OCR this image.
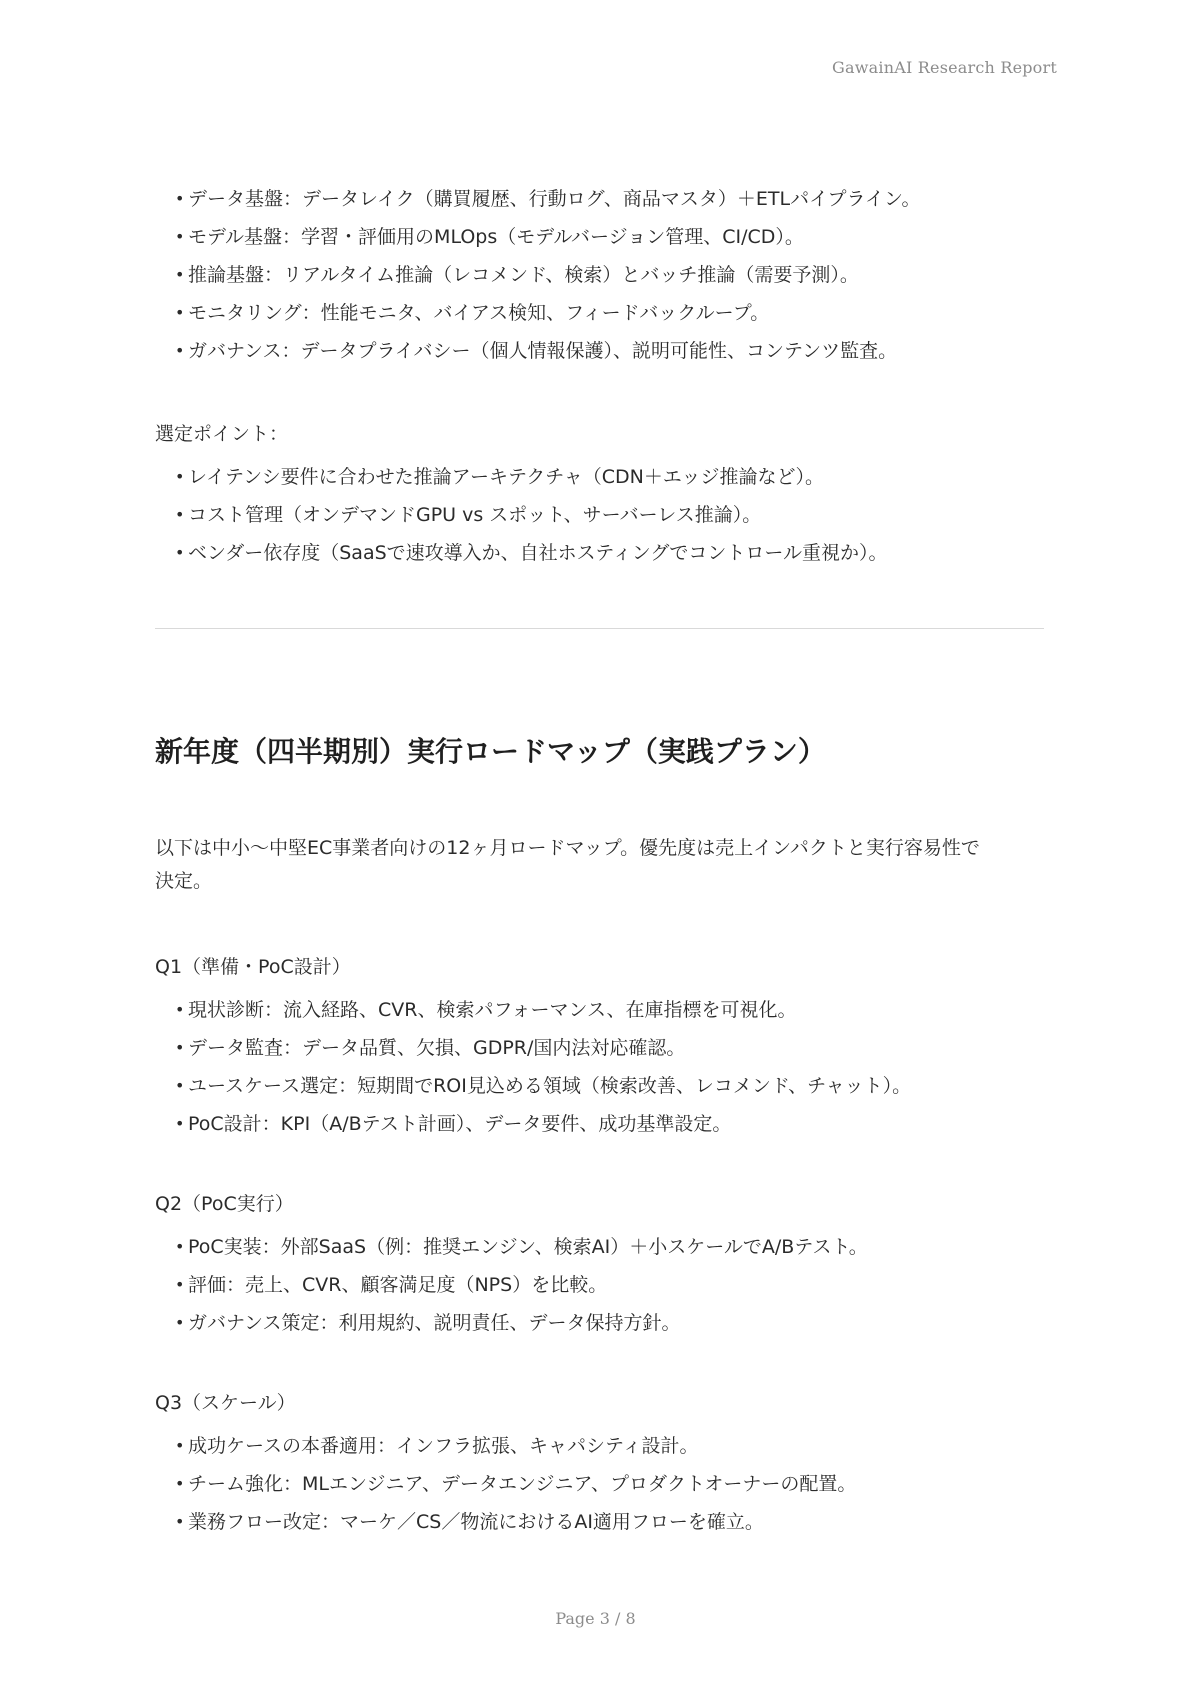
GawainAI Research Report
• データ基盤：データレイク（購買履歴、行動ログ、商品マスタ）＋ETLパイプライン。
• モデル基盤：学習・評価用のMLOps（モデルバージョン管理、CI/CD）。
• 推論基盤：リアルタイム推論（レコメンド、検索）とバッチ推論（需要予測）。
• モニタリング：性能モニタ、バイアス検知、フィードバックループ。
• ガバナンス：データプライバシー（個人情報保護）、説明可能性、コンテンツ監査。

選定ポイント：

• レイテンシ要件に合わせた推論アーキテクチャ（CDN＋エッジ推論など）。
• コスト管理（オンデマンドGPU vs スポット、サーバーレス推論）。
• ベンダー依存度（SaaSで速攻導入か、自社ホスティングでコントロール重視か）。
新年度（四半期別）実行ロードマップ（実践プラン）

以下は中小〜中堅EC事業者向けの12ヶ月ロードマップ。優先度は売上インパクトと実行容易性で

決定。

Q1（準備・PoC設計）

• 現状診断：流入経路、CVR、検索パフォーマンス、在庫指標を可視化。
• データ監査：データ品質、欠損、GDPR/国内法対応確認。
• ユースケース選定：短期間でROI見込める領域（検索改善、レコメンド、チャット）。
• PoC設計：KPI（A/Bテスト計画）、データ要件、成功基準設定。

Q2（PoC実行）

• PoC実装：外部SaaS（例：推奨エンジン、検索AI）＋小スケールでA/Bテスト。
• 評価：売上、CVR、顧客満足度（NPS）を比較。
• ガバナンス策定：利用規約、説明責任、データ保持方針。

Q3（スケール）

• 成功ケースの本番適用：インフラ拡張、キャパシティ設計。
• チーム強化：MLエンジニア、データエンジニア、プロダクトオーナーの配置。
• 業務フロー改定：マーケ／CS／物流におけるAI適用フローを確立。
Page 3 / 8
